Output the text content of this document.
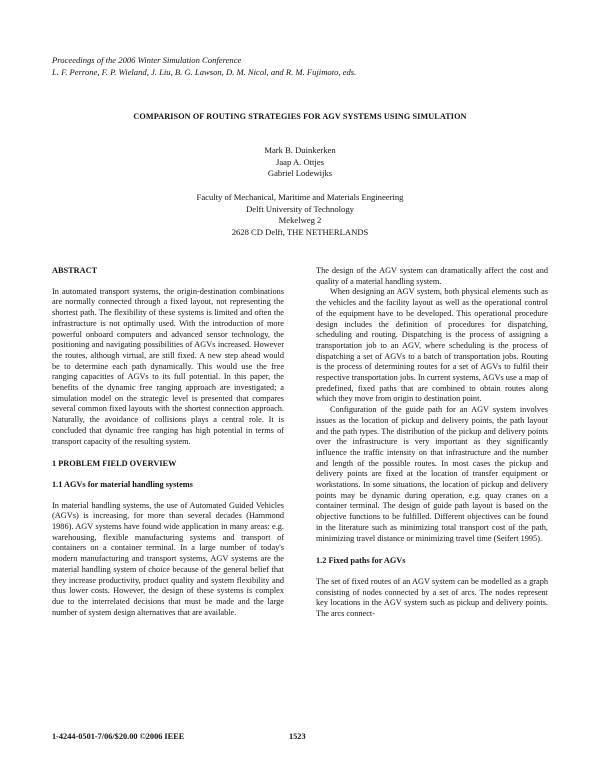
Proceedings of the 2006 Winter Simulation Conference
L. F. Perrone, F. P. Wieland, J. Liu, B. G. Lawson, D. M. Nicol, and R. M. Fujimoto, eds.
COMPARISON OF ROUTING STRATEGIES FOR AGV SYSTEMS USING SIMULATION
Mark B. Duinkerken
Jaap A. Ottjes
Gabriel Lodewijks
Faculty of Mechanical, Maritime and Materials Engineering
Delft University of Technology
Mekelweg 2
2628 CD Delft, THE NETHERLANDS

ABSTRACT

In automated transport systems, the origin-destination combinations are normally connected through a fixed layout, not representing the shortest path. The flexibility of these systems is limited and often the infrastructure is not optimally used. With the introduction of more powerful onboard computers and advanced sensor technology, the positioning and navigating possibilities of AGVs increased. However the routes, although virtual, are still fixed. A new step ahead would be to determine each path dynamically. This would use the free ranging capacities of AGVs to its full potential. In this paper, the benefits of the dynamic free ranging approach are investigated; a simulation model on the strategic level is presented that compares several common fixed layouts with the shortest connection approach. Naturally, the avoidance of collisions plays a central role. It is concluded that dynamic free ranging has high potential in terms of transport capacity of the resulting system.

1 PROBLEM FIELD OVERVIEW

1.1 AGVs for material handling systems

In material handling systems, the use of Automated Guided Vehicles (AGVs) is increasing, for more than several decades (Hammond 1986). AGV systems have found wide application in many areas: e.g. warehousing, flexible manufacturing systems and transport of containers on a container terminal. In a large number of today's modern manufacturing and transport systems, AGV systems are the material handling system of choice because of the general belief that they increase productivity, product quality and system flexibility and thus lower costs. However, the design of these systems is complex due to the interrelated decisions that must be made and the large number of system design alternatives that are available.

The design of the AGV system can dramatically affect the cost and quality of a material handling system.

When designing an AGV system, both physical elements such as the vehicles and the facility layout as well as the operational control of the equipment have to be developed. This operational procedure design includes the definition of procedures for dispatching, scheduling and routing. Dispatching is the process of assigning a transportation job to an AGV, where scheduling is the process of dispatching a set of AGVs to a batch of transportation jobs. Routing is the process of determining routes for a set of AGVs to fulfil their respective transportation jobs. In current systems, AGVs use a map of predefined, fixed paths that are combined to obtain routes along which they move from origin to destination point.

Configuration of the guide path for an AGV system involves issues as the location of pickup and delivery points, the path layout and the path types. The distribution of the pickup and delivery points over the infrastructure is very important as they significantly influence the traffic intensity on that infrastructure and the number and length of the possible routes. In most cases the pickup and delivery points are fixed at the location of transfer equipment or workstations. In some situations, the location of pickup and delivery points may be dynamic during operation, e.g. quay cranes on a container terminal. The design of guide path layout is based on the objective functions to be fulfilled. Different objectives can be found in the literature such as minimizing total transport cost of the path, minimizing travel distance or minimizing travel time (Seifert 1995).

1.2 Fixed paths for AGVs

The set of fixed routes of an AGV system can be modelled as a graph consisting of nodes connected by a set of arcs. The nodes represent key locations in the AGV system such as pickup and delivery points. The arcs connect-

1-4244-0501-7/06/$20.00 ©2006 IEEE	1523
